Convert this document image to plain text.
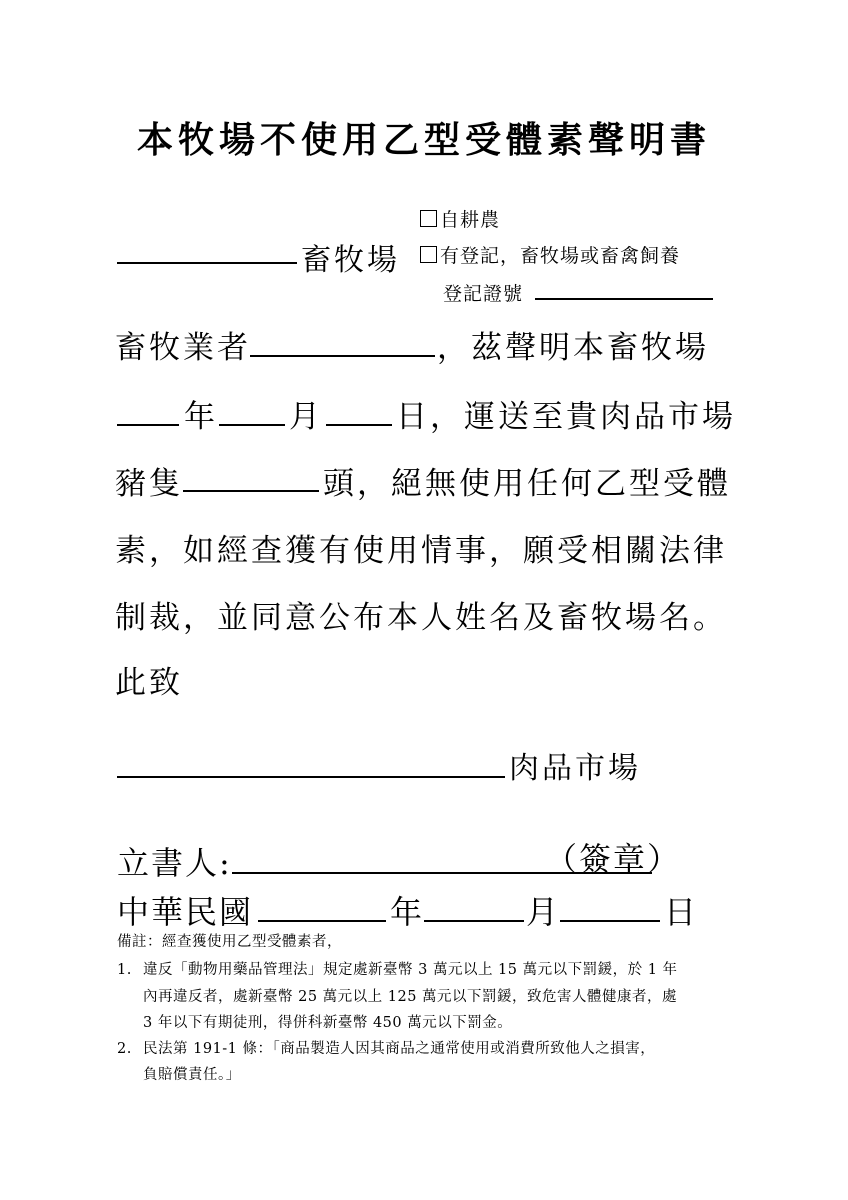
本牧場不使用乙型受體素聲明書
畜牧場
自耕農
有登記，畜牧場或畜禽飼養
登記證號
畜牧業者	，茲聲明本畜牧場
年 月 日，運送至貴肉品市場
豬隻	頭，絕無使用任何乙型受體
素，如經查獲有使用情事，願受相關法律
制裁，並同意公布本人姓名及畜牧場名。
此致
肉品市場
立書人:	（簽章）
中華民國	年	月	日
備註：經查獲使用乙型受體素者，
1. 違反「動物用藥品管理法」規定處新臺幣 3 萬元以上 15 萬元以下罰鍰，於 1 年
內再違反者，處新臺幣 25 萬元以上 125 萬元以下罰鍰，致危害人體健康者，處
3 年以下有期徒刑，得併科新臺幣 450 萬元以下罰金。
2. 民法第 191-1 條：「商品製造人因其商品之通常使用或消費所致他人之損害，
負賠償責任。」
